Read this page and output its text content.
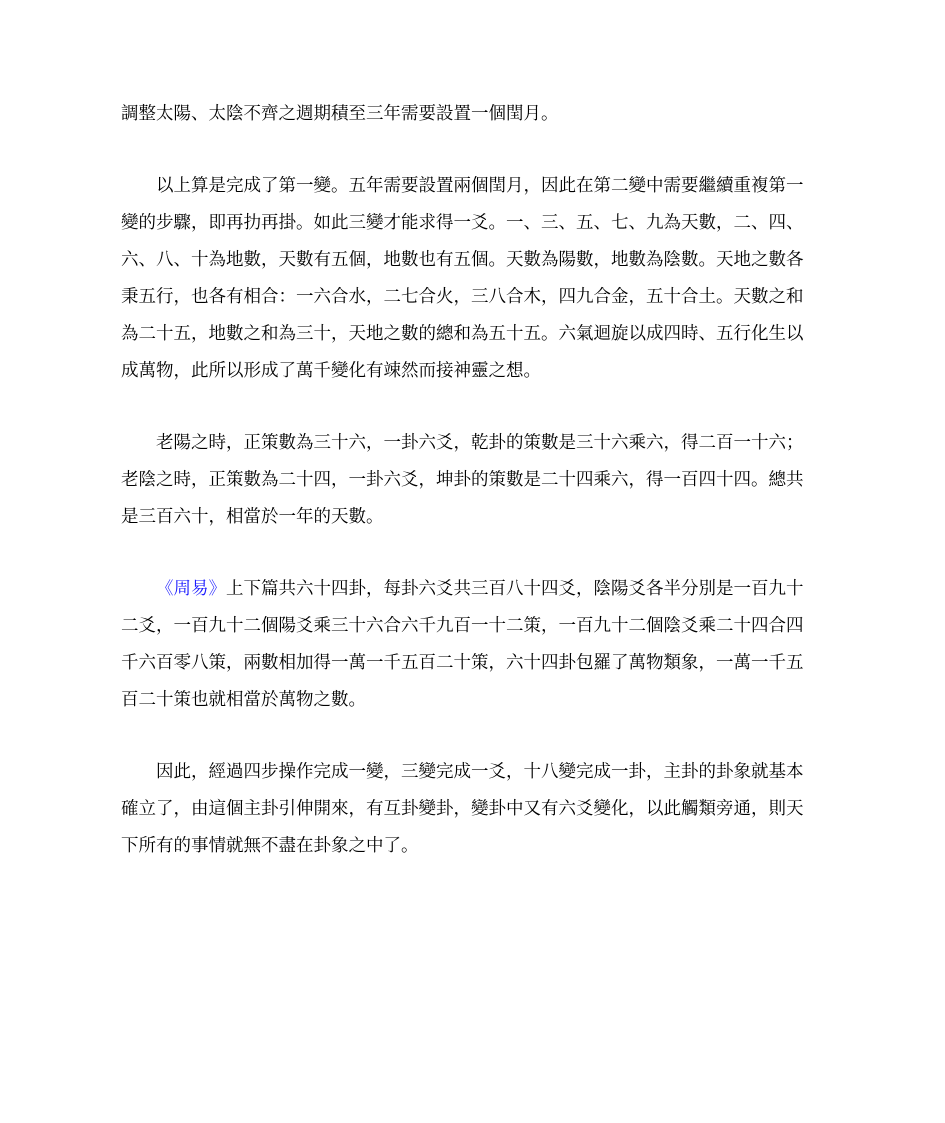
調整太陽、太陰不齊之週期積至三年需要設置一個閏月。
以上算是完成了第一變。五年需要設置兩個閏月，因此在第二變中需要繼續重複第一
變的步驟，即再扐再掛。如此三變才能求得一爻。一、三、五、七、九為天數，二、四、
六、八、十為地數，天數有五個，地數也有五個。天數為陽數，地數為陰數。天地之數各
秉五行，也各有相合：一六合水，二七合火，三八合木，四九合金，五十合土。天數之和
為二十五，地數之和為三十，天地之數的總和為五十五。六氣迴旋以成四時、五行化生以
成萬物，此所以形成了萬千變化有竦然而接神靈之想。
老陽之時，正策數為三十六，一卦六爻，乾卦的策數是三十六乘六，得二百一十六；
老陰之時，正策數為二十四，一卦六爻，坤卦的策數是二十四乘六，得一百四十四。總共
是三百六十，相當於一年的天數。
《周易》上下篇共六十四卦，每卦六爻共三百八十四爻，陰陽爻各半分別是一百九十
二爻，一百九十二個陽爻乘三十六合六千九百一十二策，一百九十二個陰爻乘二十四合四
千六百零八策，兩數相加得一萬一千五百二十策，六十四卦包羅了萬物類象，一萬一千五
百二十策也就相當於萬物之數。
因此，經過四步操作完成一變，三變完成一爻，十八變完成一卦，主卦的卦象就基本
確立了，由這個主卦引伸開來，有互卦變卦，變卦中又有六爻變化，以此觸類旁通，則天
下所有的事情就無不盡在卦象之中了。
